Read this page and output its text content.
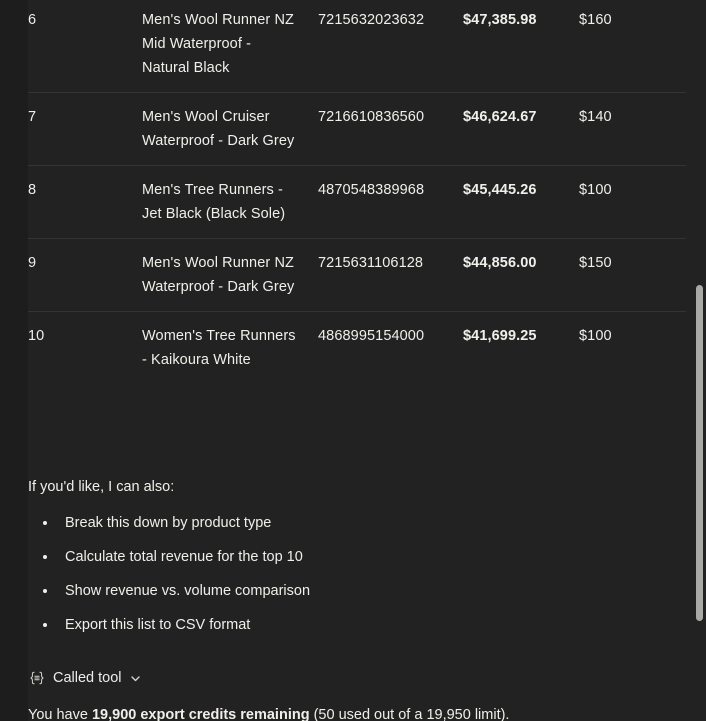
6	Men's Wool Runner NZ Mid Waterproof - Natural Black	7215632023632	$47,385.98	$160
7	Men's Wool Cruiser Waterproof - Dark Grey	7216610836560	$46,624.67	$140
8	Men's Tree Runners - Jet Black (Black Sole)	4870548389968	$45,445.26	$100
9	Men's Wool Runner NZ Waterproof - Dark Grey	7215631106128	$44,856.00	$150
10	Women's Tree Runners - Kaikoura White	4868995154000	$41,699.25	$100

If you'd like, I can also:

Break this down by product type
Calculate total revenue for the top 10
Show revenue vs. volume comparison
Export this list to CSV format
Called tool
You have 19,900 export credits remaining (50 used out of a 19,950 limit).
